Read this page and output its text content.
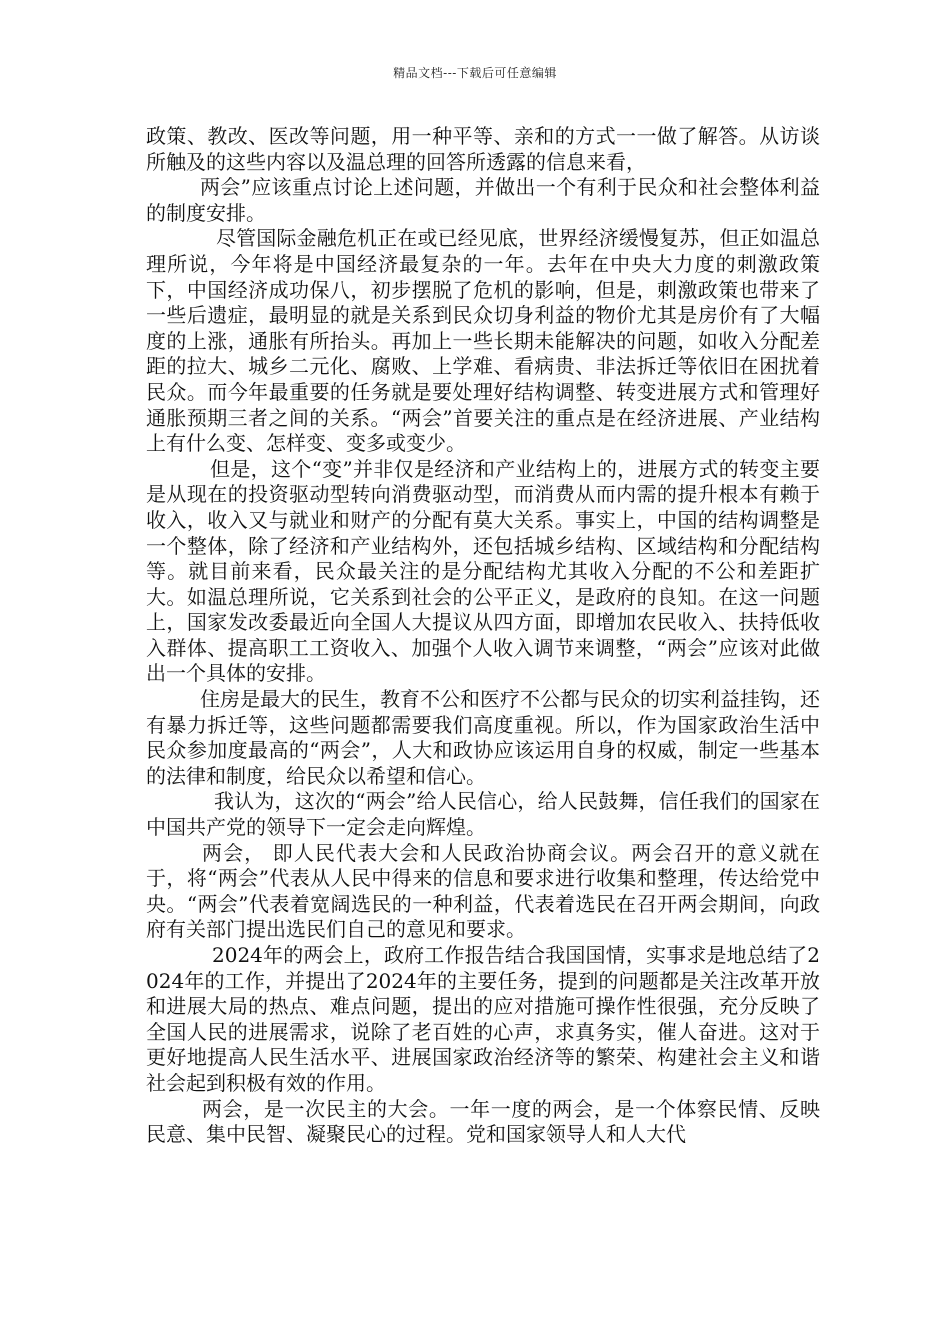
精品文档---下载后可任意编辑

政策、教改、医改等问题，用一种平等、亲和的方式一一做了解答。从访谈所触及的这些内容以及温总理的回答所透露的信息来看，

两会”应该重点讨论上述问题，并做出一个有利于民众和社会整体利益的制度安排。

尽管国际金融危机正在或已经见底，世界经济缓慢复苏，但正如温总理所说，今年将是中国经济最复杂的一年。去年在中央大力度的刺激政策下，中国经济成功保八，初步摆脱了危机的影响，但是，刺激政策也带来了一些后遗症，最明显的就是关系到民众切身利益的物价尤其是房价有了大幅度的上涨，通胀有所抬头。再加上一些长期未能解决的问题，如收入分配差距的拉大、城乡二元化、腐败、上学难、看病贵、非法拆迁等依旧在困扰着民众。而今年最重要的任务就是要处理好结构调整、转变进展方式和管理好通胀预期三者之间的关系。“两会”首要关注的重点是在经济进展、产业结构上有什么变、怎样变、变多或变少。

但是，这个“变”并非仅是经济和产业结构上的，进展方式的转变主要是从现在的投资驱动型转向消费驱动型，而消费从而内需的提升根本有赖于收入，收入又与就业和财产的分配有莫大关系。事实上，中国的结构调整是一个整体，除了经济和产业结构外，还包括城乡结构、区域结构和分配结构等。就目前来看，民众最关注的是分配结构尤其收入分配的不公和差距扩大。如温总理所说，它关系到社会的公平正义，是政府的良知。在这一问题上，国家发改委最近向全国人大提议从四方面，即增加农民收入、扶持低收入群体、提高职工工资收入、加强个人收入调节来调整，“两会”应该对此做出一个具体的安排。

住房是最大的民生，教育不公和医疗不公都与民众的切实利益挂钩，还有暴力拆迁等，这些问题都需要我们高度重视。所以，作为国家政治生活中民众参加度最高的“两会”，人大和政协应该运用自身的权威，制定一些基本的法律和制度，给民众以希望和信心。

我认为，这次的“两会”给人民信心，给人民鼓舞，信任我们的国家在中国共产党的领导下一定会走向辉煌。

两会， 即人民代表大会和人民政治协商会议。两会召开的意义就在于，将“两会”代表从人民中得来的信息和要求进行收集和整理，传达给党中央。“两会”代表着宽阔选民的一种利益，代表着选民在召开两会期间，向政府有关部门提出选民们自己的意见和要求。

2024年的两会上，政府工作报告结合我国国情，实事求是地总结了2024年的工作，并提出了2024年的主要任务，提到的问题都是关注改革开放和进展大局的热点、难点问题，提出的应对措施可操作性很强，充分反映了全国人民的进展需求，说除了老百姓的心声，求真务实，催人奋进。这对于更好地提高人民生活水平、进展国家政治经济等的繁荣、构建社会主义和谐社会起到积极有效的作用。

两会，是一次民主的大会。一年一度的两会，是一个体察民情、反映民意、集中民智、凝聚民心的过程。党和国家领导人和人大代
